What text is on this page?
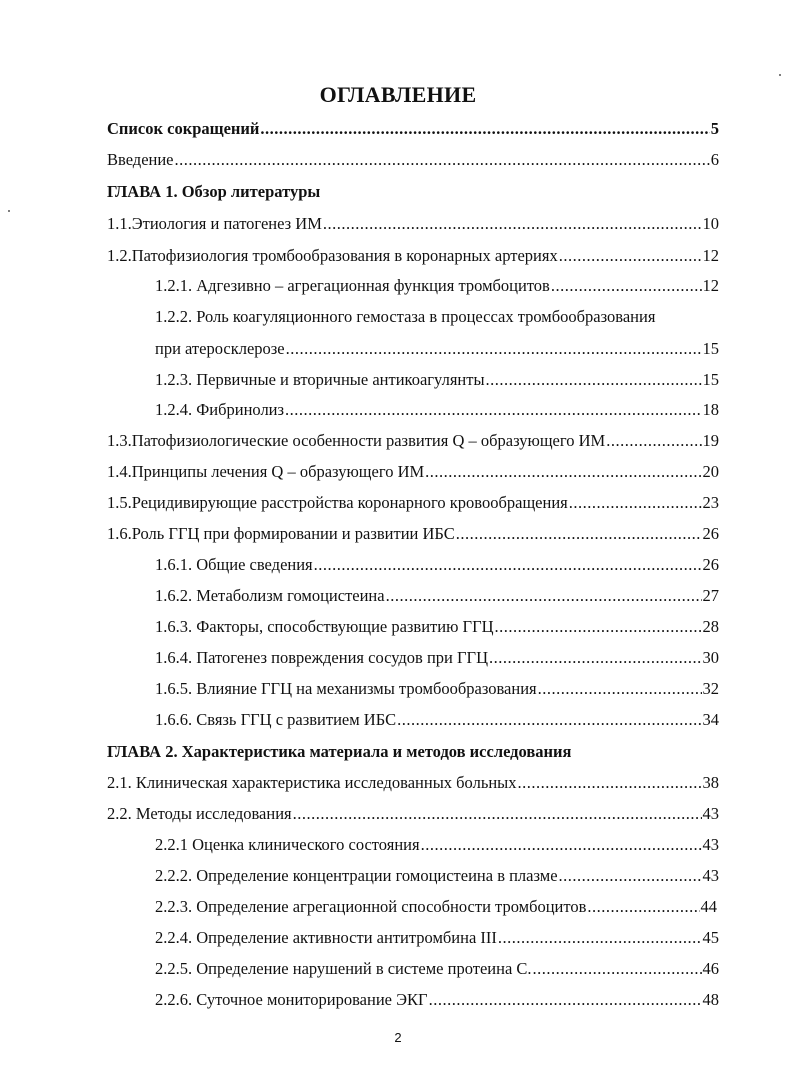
ОГЛАВЛЕНИЕ
Список сокращений .....	5
Введение .....	6
ГЛАВА 1. Обзор литературы
1.1. Этиология и патогенез ИМ .....	10
1.2. Патофизиология тромбообразования в коронарных артериях .....	12
1.2.1. Адгезивно – агрегационная функция тромбоцитов .....	12
1.2.2. Роль коагуляционного гемостаза в процессах тромбообразования
при атеросклерозе .....	15
1.2.3. Первичные и вторичные антикоагулянты .....	15
1.2.4. Фибринолиз .....	18
1.3. Патофизиологические особенности развития Q – образующего ИМ .....	19
1.4. Принципы лечения Q – образующего ИМ .....	20
1.5. Рецидивирующие расстройства коронарного кровообращения .....	23
1.6. Роль ГГЦ при формировании и развитии ИБС .....	26
1.6.1. Общие сведения .....	26
1.6.2. Метаболизм гомоцистеина .....	27
1.6.3. Факторы, способствующие развитию ГГЦ .....	28
1.6.4. Патогенез повреждения сосудов при ГГЦ .....	30
1.6.5. Влияние ГГЦ на механизмы тромбообразования .....	32
1.6.6. Связь ГГЦ с развитием ИБС .....	34
ГЛАВА 2. Характеристика материала и методов исследования
2.1. Клиническая характеристика исследованных больных .....	38
2.2. Методы исследования .....	43
2.2.1 Оценка клинического состояния .....	43
2.2.2. Определение концентрации гомоцистеина в плазме .....	43
2.2.3. Определение агрегационной способности тромбоцитов .....	44
2.2.4. Определение активности антитромбина III .....	45
2.2.5. Определение нарушений в системе протеина С. .....	46
2.2.6. Суточное мониторирование ЭКГ .....	48
2
